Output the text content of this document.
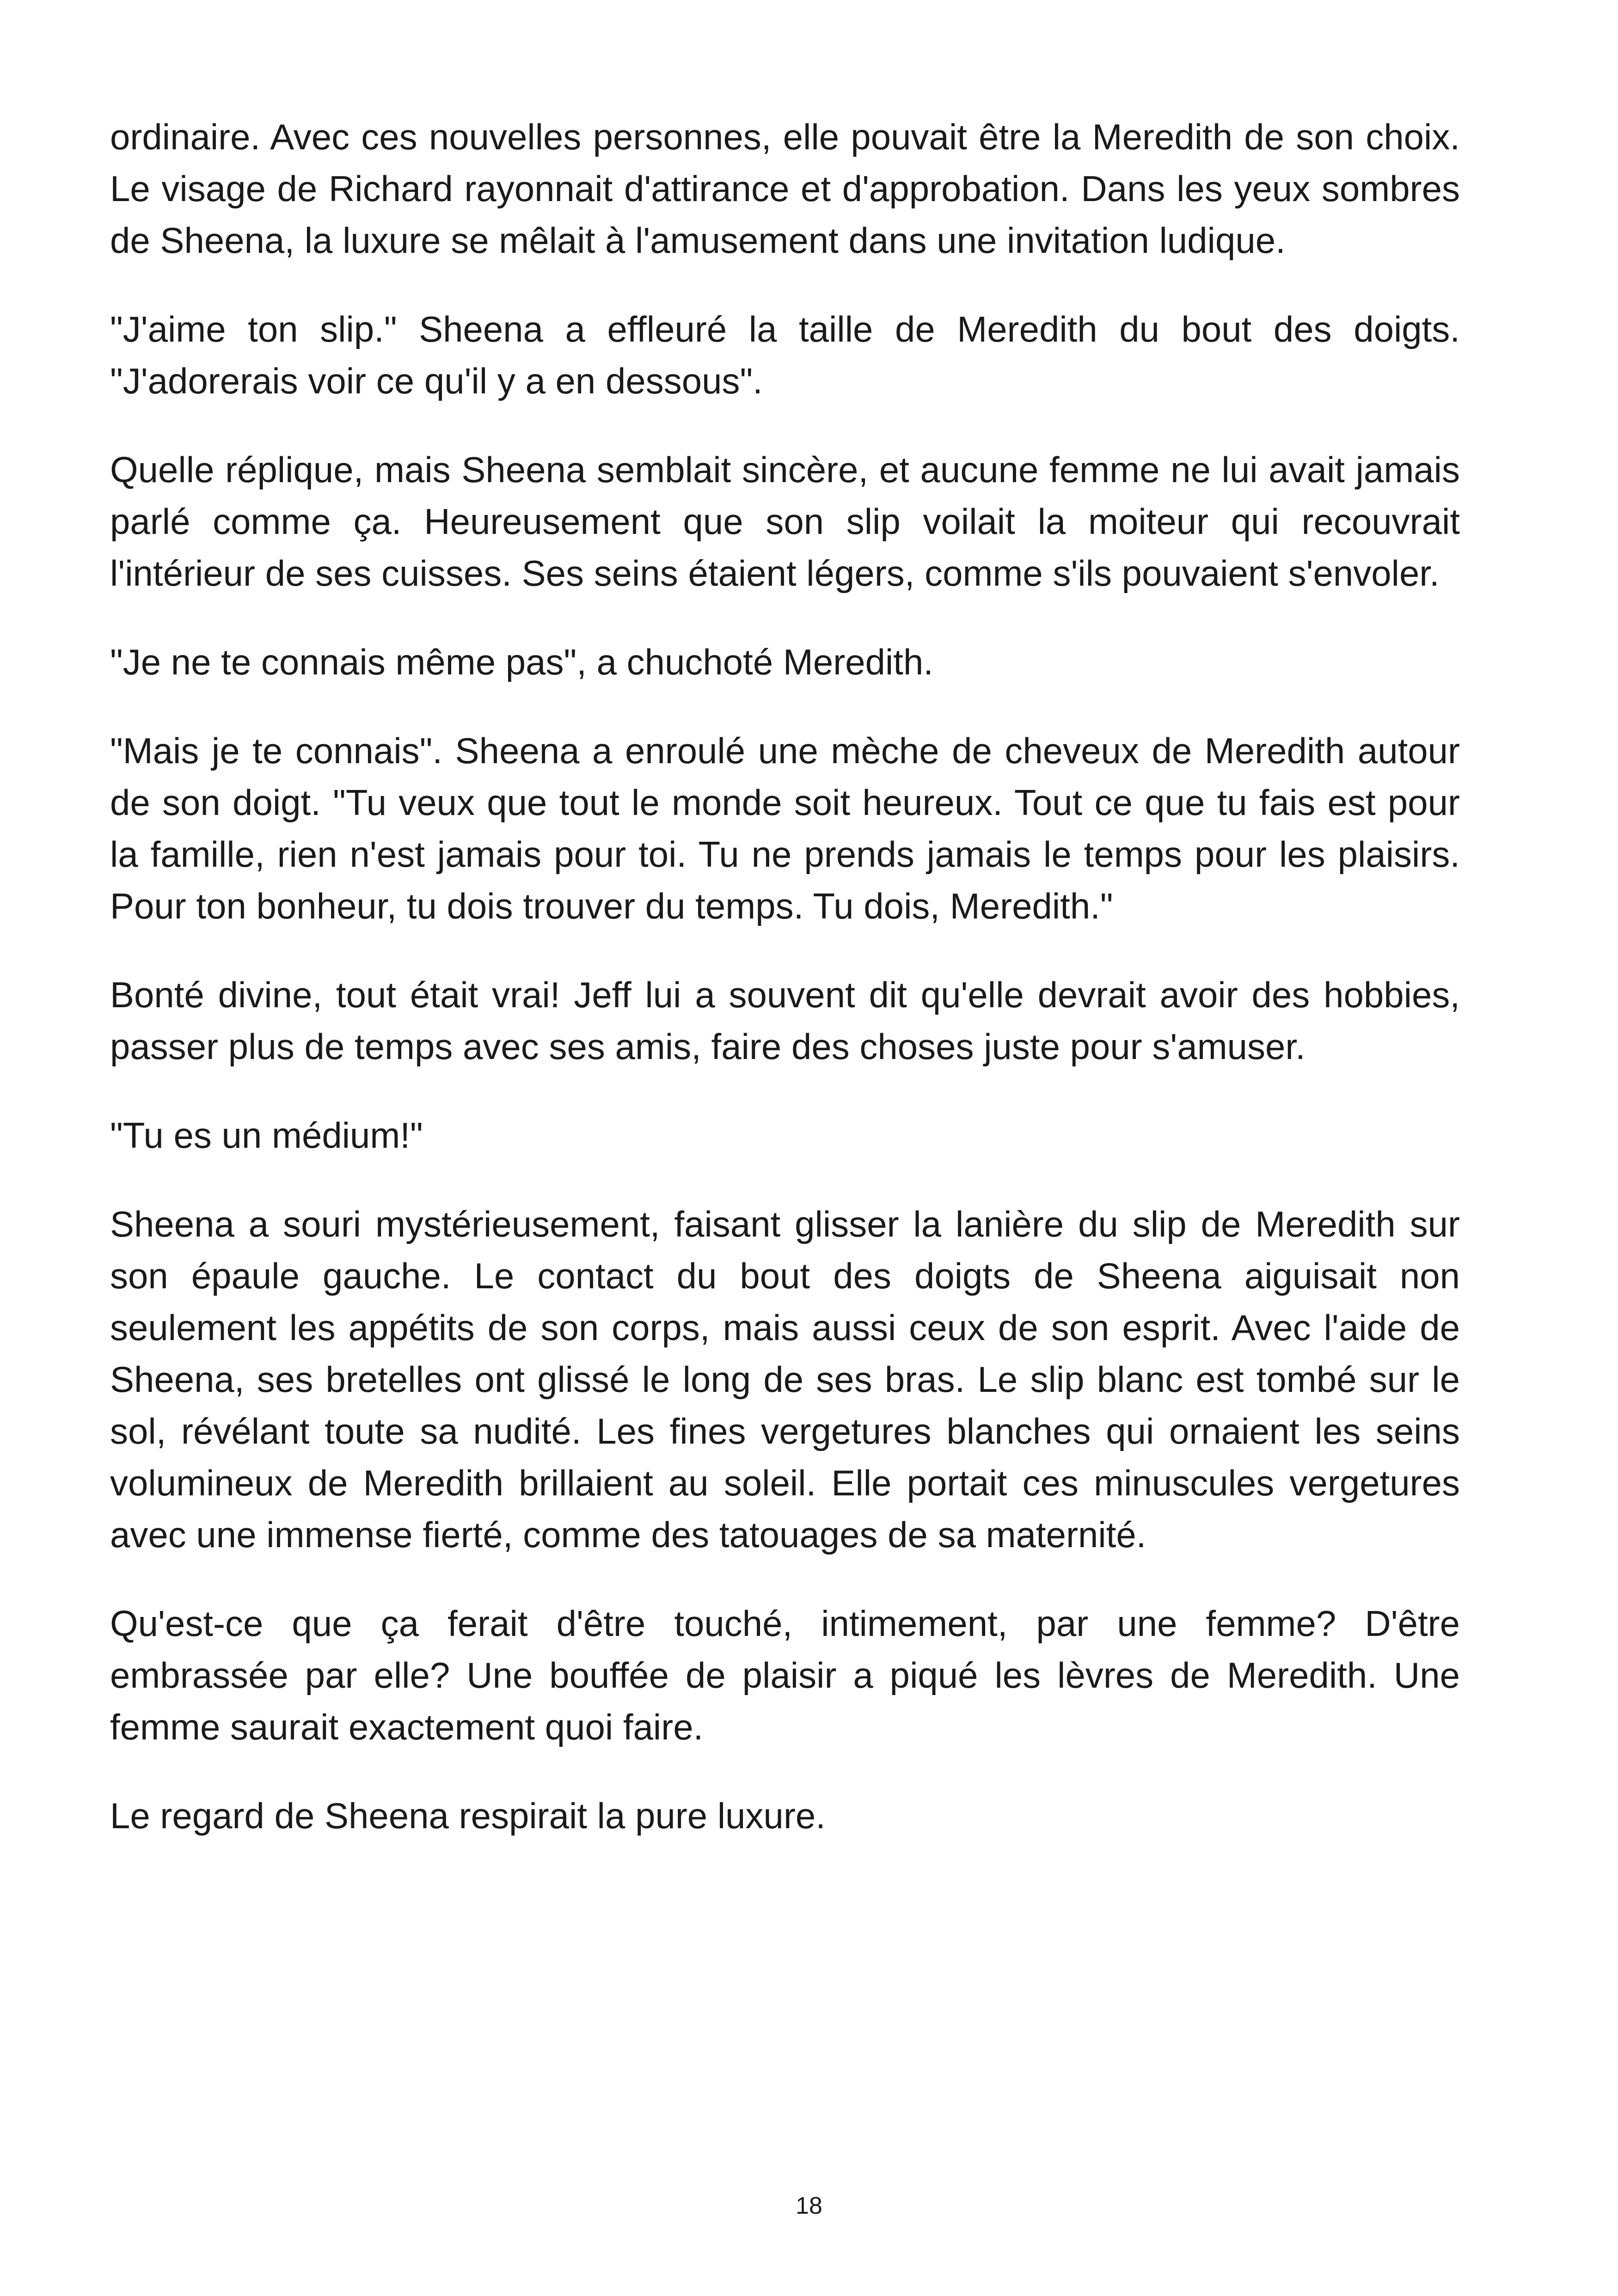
ordinaire. Avec ces nouvelles personnes, elle pouvait être la Meredith de son choix. Le visage de Richard rayonnait d'attirance et d'approbation. Dans les yeux sombres de Sheena, la luxure se mêlait à l'amusement dans une invitation ludique.

"J'aime ton slip." Sheena a effleuré la taille de Meredith du bout des doigts. "J'adorerais voir ce qu'il y a en dessous".

Quelle réplique, mais Sheena semblait sincère, et aucune femme ne lui avait jamais parlé comme ça. Heureusement que son slip voilait la moiteur qui recouvrait l'intérieur de ses cuisses. Ses seins étaient légers, comme s'ils pouvaient s'envoler.

"Je ne te connais même pas", a chuchoté Meredith.

"Mais je te connais". Sheena a enroulé une mèche de cheveux de Meredith autour de son doigt. "Tu veux que tout le monde soit heureux. Tout ce que tu fais est pour la famille, rien n'est jamais pour toi. Tu ne prends jamais le temps pour les plaisirs. Pour ton bonheur, tu dois trouver du temps. Tu dois, Meredith."

Bonté divine, tout était vrai! Jeff lui a souvent dit qu'elle devrait avoir des hobbies, passer plus de temps avec ses amis, faire des choses juste pour s'amuser.

"Tu es un médium!"

Sheena a souri mystérieusement, faisant glisser la lanière du slip de Meredith sur son épaule gauche. Le contact du bout des doigts de Sheena aiguisait non seulement les appétits de son corps, mais aussi ceux de son esprit. Avec l'aide de Sheena, ses bretelles ont glissé le long de ses bras. Le slip blanc est tombé sur le sol, révélant toute sa nudité. Les fines vergetures blanches qui ornaient les seins volumineux de Meredith brillaient au soleil. Elle portait ces minuscules vergetures avec une immense fierté, comme des tatouages de sa maternité.

Qu'est-ce que ça ferait d'être touché, intimement, par une femme? D'être embrassée par elle? Une bouffée de plaisir a piqué les lèvres de Meredith. Une femme saurait exactement quoi faire.

Le regard de Sheena respirait la pure luxure.

18
